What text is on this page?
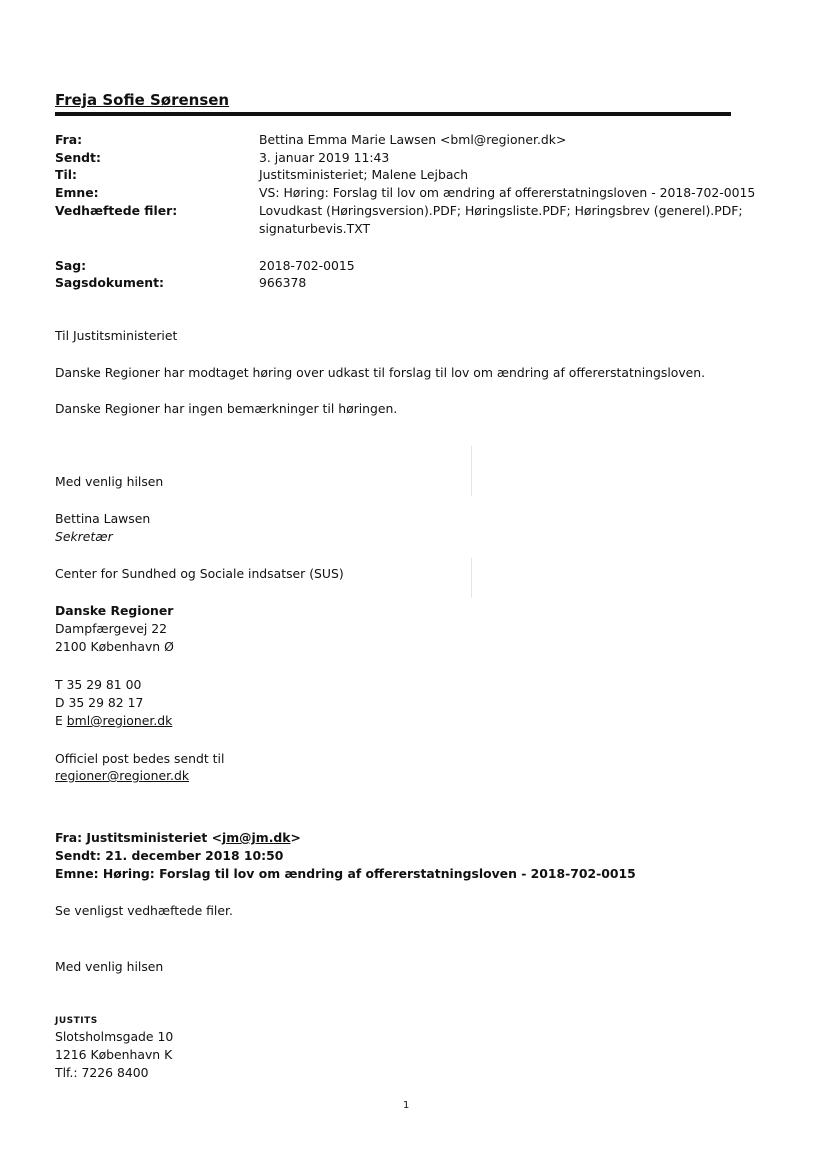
Freja Sofie Sørensen
Fra:	Bettina Emma Marie Lawsen <bml@regioner.dk>
Sendt:	3. januar 2019 11:43
Til:	Justitsministeriet; Malene Lejbach
Emne:	VS: Høring: Forslag til lov om ændring af offererstatningsloven - 2018-702-0015
Vedhæftede filer:	Lovudkast (Høringsversion).PDF; Høringsliste.PDF; Høringsbrev (generel).PDF;
signaturbevis.TXT
Sag:	2018-702-0015
Sagsdokument:	966378
Til Justitsministeriet
Danske Regioner har modtaget høring over udkast til forslag til lov om ændring af offererstatningsloven.
Danske Regioner har ingen bemærkninger til høringen.
Med venlig hilsen
Bettina Lawsen
Sekretær
Center for Sundhed og Sociale indsatser (SUS)
Danske Regioner
Dampfærgevej 22
2100 København Ø
T 35 29 81 00
D 35 29 82 17
E bml@regioner.dk
Officiel post bedes sendt til
regioner@regioner.dk
Fra: Justitsministeriet <jm@jm.dk>
Sendt: 21. december 2018 10:50
Emne: Høring: Forslag til lov om ændring af offererstatningsloven - 2018-702-0015
Se venligst vedhæftede filer.
Med venlig hilsen
JUSTITS
Slotsholmsgade 10
1216 København K
Tlf.: 7226 8400
1
